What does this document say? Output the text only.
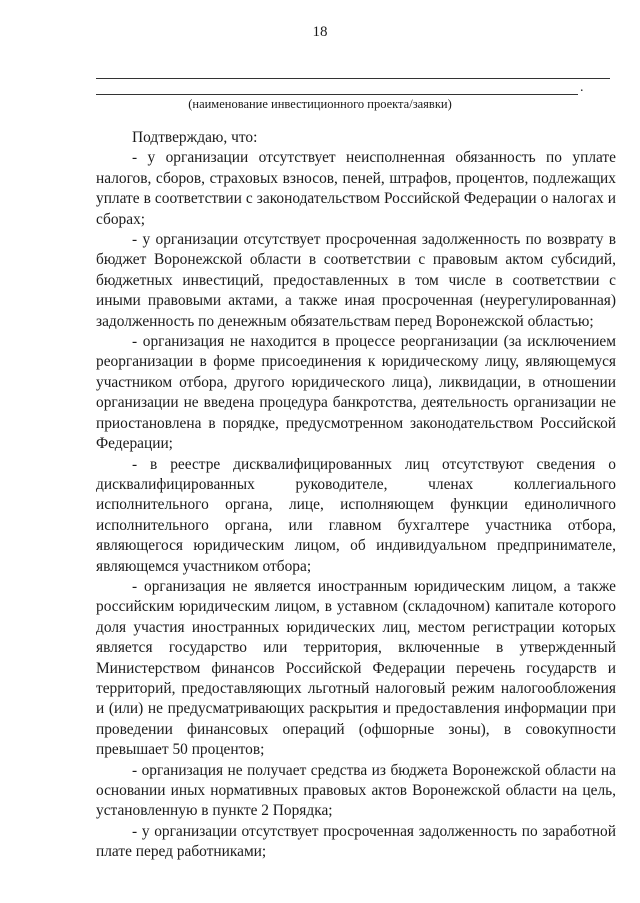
18
.
(наименование инвестиционного проекта/заявки)

Подтверждаю, что:

- у организации отсутствует неисполненная обязанность по уплате налогов, сборов, страховых взносов, пеней, штрафов, процентов, подлежащих уплате в соответствии с законодательством Российской Федерации о налогах и сборах;

- у организации отсутствует просроченная задолженность по возврату в бюджет Воронежской области в соответствии с правовым актом субсидий, бюджетных инвестиций, предоставленных в том числе в соответствии с иными правовыми актами, а также иная просроченная (неурегулированная) задолженность по денежным обязательствам перед Воронежской областью;

- организация не находится в процессе реорганизации (за исключением реорганизации в форме присоединения к юридическому лицу, являющемуся участником отбора, другого юридического лица), ликвидации, в отношении организации не введена процедура банкротства, деятельность организации не приостановлена в порядке, предусмотренном законодательством Российской Федерации;

- в реестре дисквалифицированных лиц отсутствуют сведения о дисквалифицированных руководителе, членах коллегиального исполнительного органа, лице, исполняющем функции единоличного исполнительного органа, или главном бухгалтере участника отбора, являющегося юридическим лицом, об индивидуальном предпринимателе, являющемся участником отбора;

- организация не является иностранным юридическим лицом, а также российским юридическим лицом, в уставном (складочном) капитале которого доля участия иностранных юридических лиц, местом регистрации которых является государство или территория, включенные в утвержденный Министерством финансов Российской Федерации перечень государств и территорий, предоставляющих льготный налоговый режим налогообложения и (или) не предусматривающих раскрытия и предоставления информации при проведении финансовых операций (офшорные зоны), в совокупности превышает 50 процентов;

- организация не получает средства из бюджета Воронежской области на основании иных нормативных правовых актов Воронежской области на цель, установленную в пункте 2 Порядка;

- у организации отсутствует просроченная задолженность по заработной плате перед работниками;
